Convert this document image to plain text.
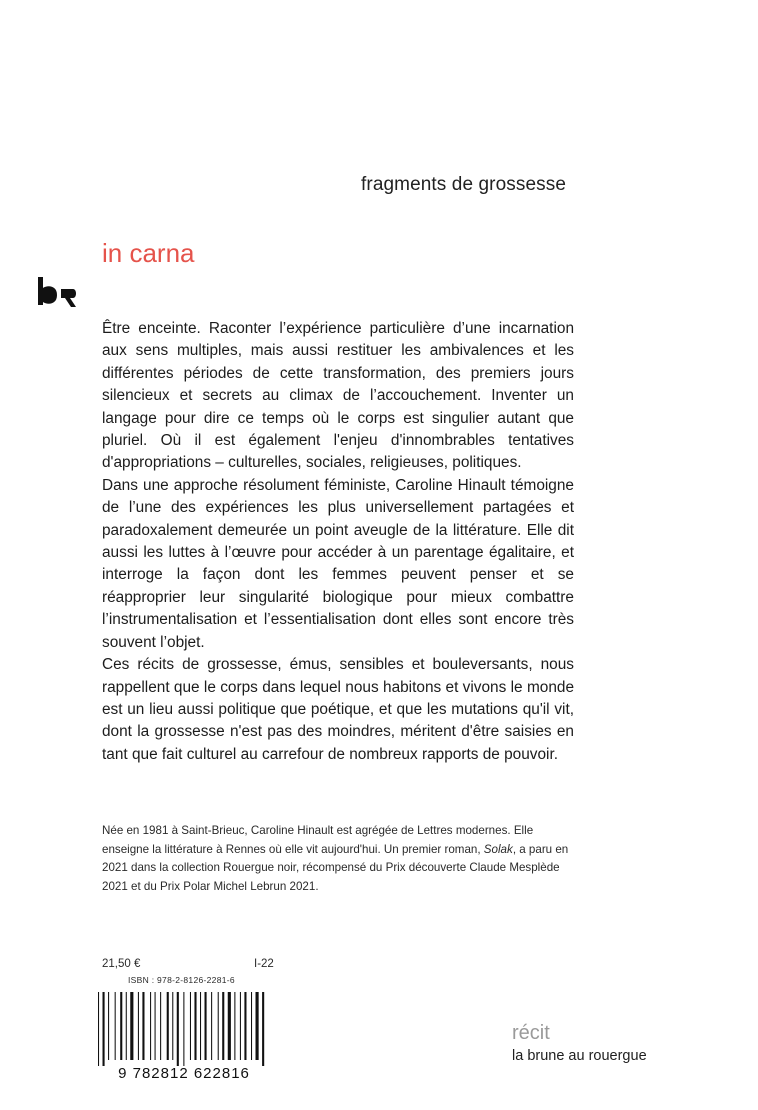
fragments de grossesse
in carna

Être enceinte. Raconter l’expérience particulière d’une incarnation aux sens multiples, mais aussi restituer les ambivalences et les différentes périodes de cette transformation, des premiers jours silencieux et secrets au climax de l’accouchement. Inventer un langage pour dire ce temps où le corps est singulier autant que pluriel. Où il est également l'enjeu d'innombrables tentatives d'appropriations – culturelles, sociales, religieuses, politiques.

Dans une approche résolument féministe, Caroline Hinault témoigne de l’une des expériences les plus universellement partagées et paradoxalement demeurée un point aveugle de la littérature. Elle dit aussi les luttes à l’œuvre pour accéder à un parentage égalitaire, et interroge la façon dont les femmes peuvent penser et se réapproprier leur singularité biologique pour mieux combattre l’instrumentalisation et l’essentialisation dont elles sont encore très souvent l’objet.

Ces récits de grossesse, émus, sensibles et bouleversants, nous rappellent que le corps dans lequel nous habitons et vivons le monde est un lieu aussi politique que poétique, et que les mutations qu'il vit, dont la grossesse n'est pas des moindres, méritent d'être saisies en tant que fait culturel au carrefour de nombreux rapports de pouvoir.

Née en 1981 à Saint-Brieuc, Caroline Hinault est agrégée de Lettres modernes. Elle enseigne la littérature à Rennes où elle vit aujourd'hui. Un premier roman, Solak, a paru en 2021 dans la collection Rouergue noir, récompensé du Prix découverte Claude Mesplède 2021 et du Prix Polar Michel Lebrun 2021.

21,50 €	I-22
ISBN : 978-2-8126-2281-6
9 782812 622816
récit
la brune au rouergue
